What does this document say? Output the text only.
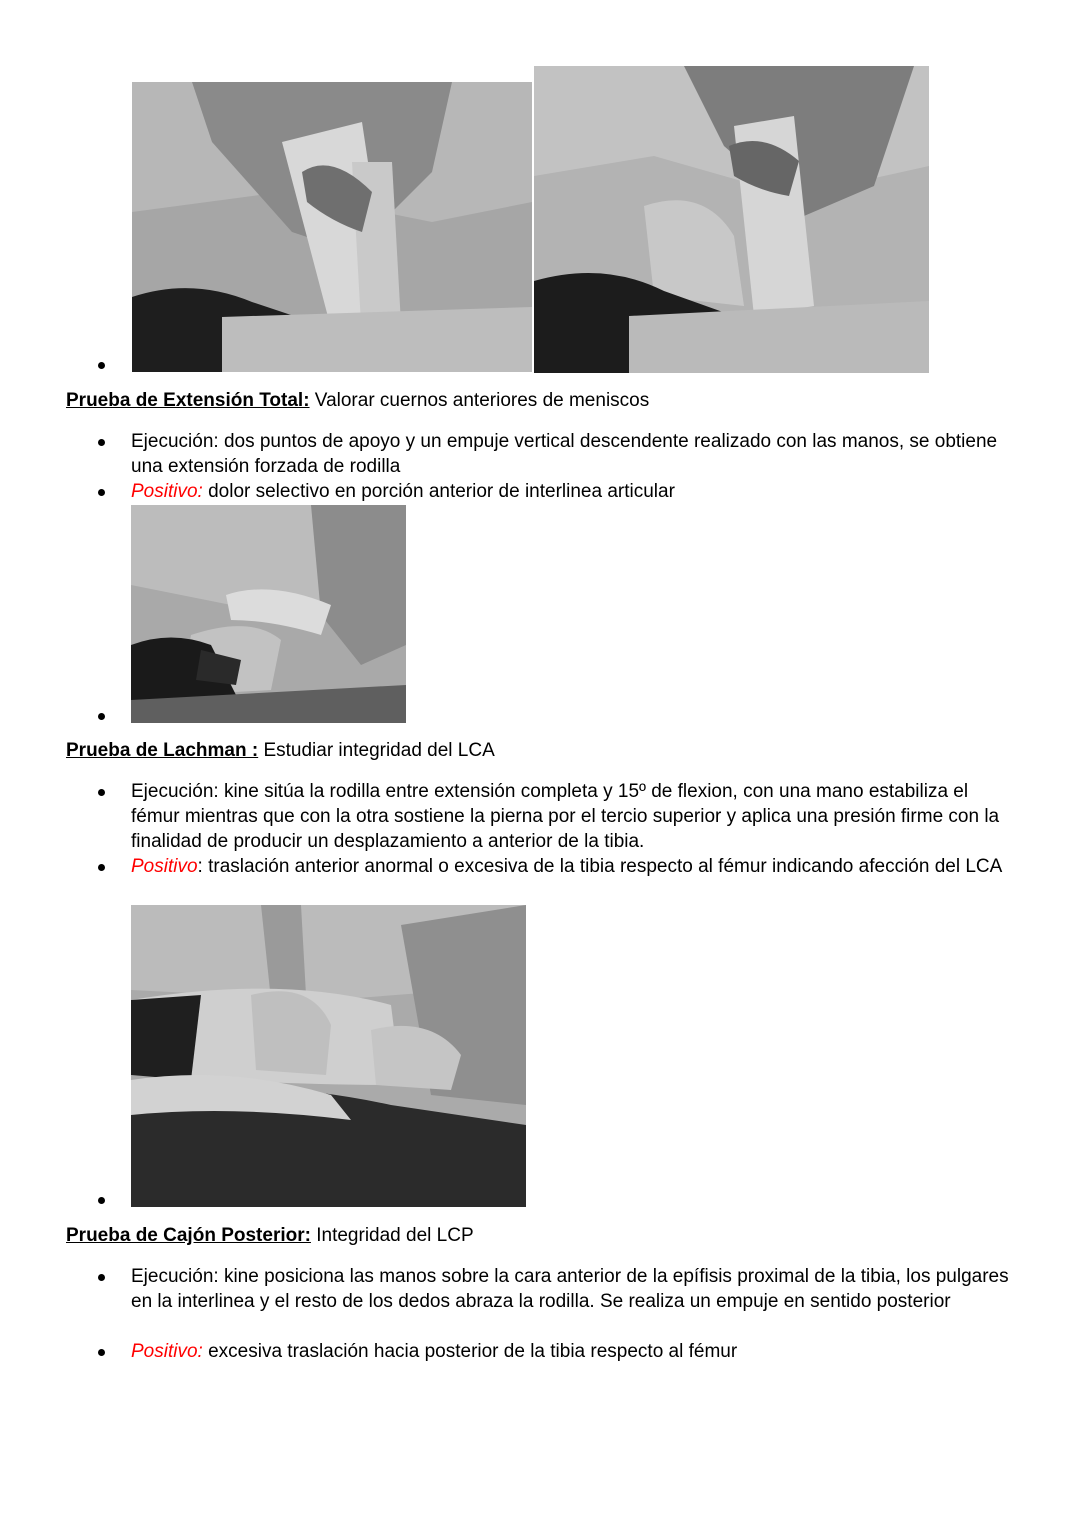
Prueba de Extensión Total: Valorar cuernos anteriores de meniscos
Ejecución: dos puntos de apoyo y un empuje vertical descendente realizado con las manos, se obtiene una extensión forzada de rodilla
Positivo: dolor selectivo en porción anterior de interlinea articular
Prueba de Lachman : Estudiar integridad del LCA
Ejecución: kine sitúa la rodilla entre extensión completa y 15º de flexion, con una mano estabiliza el fémur mientras que con la otra sostiene la pierna por el tercio superior y aplica una presión firme con la finalidad de producir un desplazamiento a anterior de la tibia.
Positivo: traslación anterior anormal o excesiva de la tibia respecto al fémur indicando afección del LCA
Prueba de Cajón Posterior: Integridad del LCP
Ejecución: kine posiciona las manos sobre la cara anterior de la epífisis proximal de la tibia, los pulgares en la interlinea y el resto de los dedos abraza la rodilla. Se realiza un empuje en sentido posterior
Positivo: excesiva traslación hacia posterior de la tibia respecto al fémur
